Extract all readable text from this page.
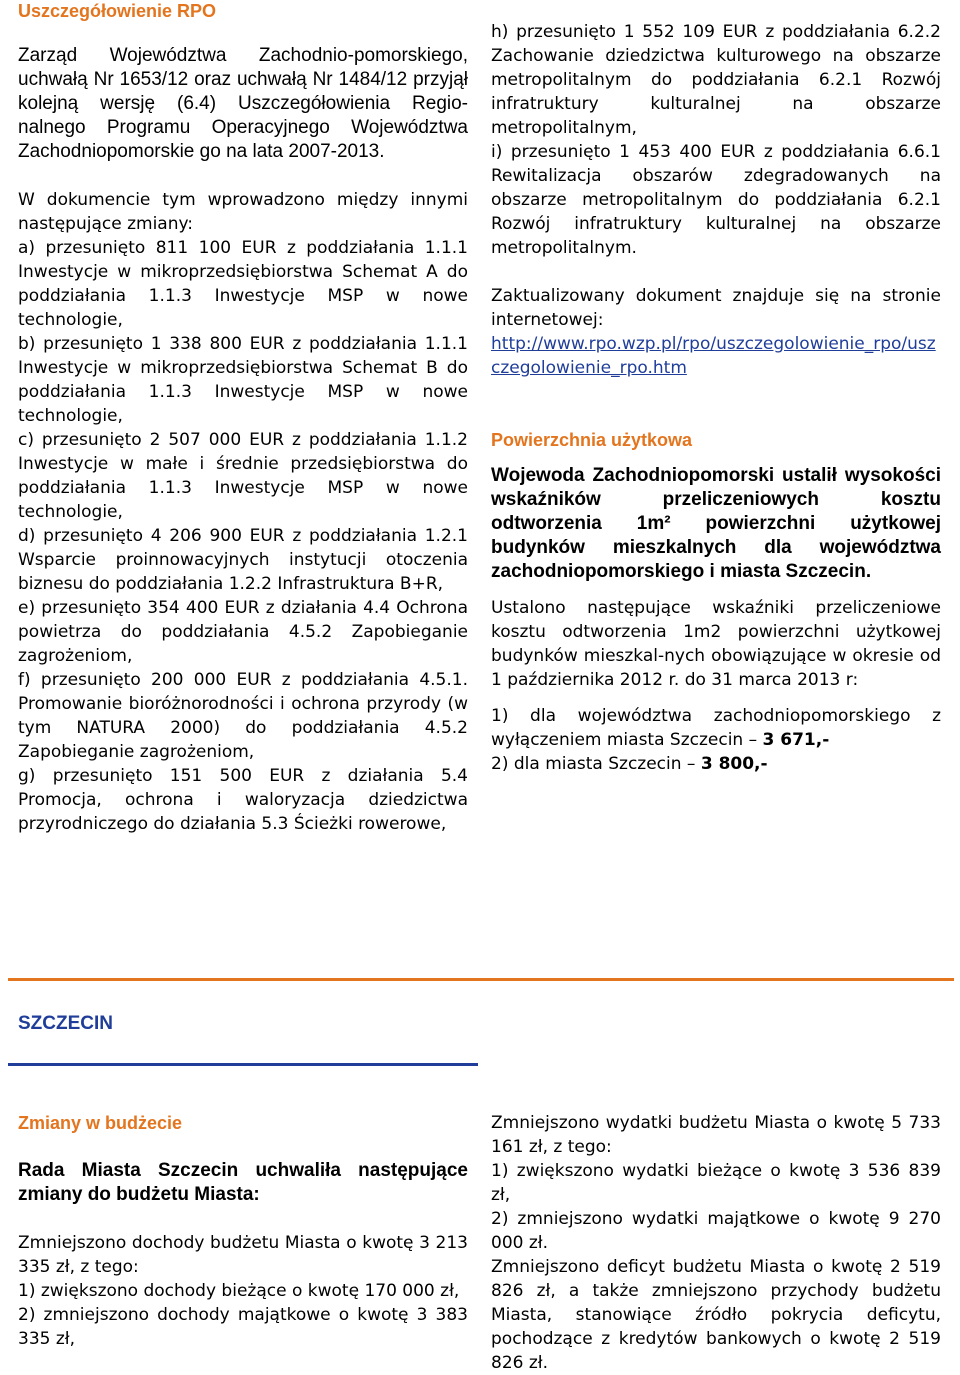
Uszczegółowienie RPO

Zarząd Województwa Zachodnio-pomorskiego, uchwałą Nr 1653/12 oraz uchwałą Nr 1484/12 przyjął kolejną wersję (6.4) Uszczegółowienia Regio-nalnego Programu Operacyjnego Województwa Zachodniopomorskie go na lata 2007-2013.

W dokumencie tym wprowadzono między innymi następujące zmiany:

a) przesunięto 811 100 EUR z poddziałania 1.1.1 Inwestycje w mikroprzedsiębiorstwa Schemat A do poddziałania 1.1.3 Inwestycje MSP w nowe technologie,

b) przesunięto 1 338 800 EUR z poddziałania 1.1.1 Inwestycje w mikroprzedsiębiorstwa Schemat B do poddziałania 1.1.3 Inwestycje MSP w nowe technologie,

c) przesunięto 2 507 000 EUR z poddziałania 1.1.2 Inwestycje w małe i średnie przedsiębiorstwa do poddziałania 1.1.3 Inwestycje MSP w nowe technologie,

d) przesunięto 4 206 900 EUR z poddziałania 1.2.1 Wsparcie proinnowacyjnych instytucji otoczenia biznesu do poddziałania 1.2.2 Infrastruktura B+R,

e) przesunięto 354 400 EUR z działania 4.4 Ochrona powietrza do poddziałania 4.5.2 Zapobieganie zagrożeniom,

f) przesunięto 200 000 EUR z poddziałania 4.5.1. Promowanie bioróżnorodności i ochrona przyrody (w tym NATURA 2000) do poddziałania 4.5.2 Zapobieganie zagrożeniom,

g) przesunięto 151 500 EUR z działania 5.4 Promocja, ochrona i waloryzacja dziedzictwa przyrodniczego do działania 5.3 Ścieżki rowerowe,

h) przesunięto 1 552 109 EUR z poddziałania 6.2.2 Zachowanie dziedzictwa kulturowego na obszarze metropolitalnym do poddziałania 6.2.1 Rozwój infratruktury kulturalnej na obszarze metropolitalnym,

i) przesunięto 1 453 400 EUR z poddziałania 6.6.1 Rewitalizacja obszarów zdegradowanych na obszarze metropolitalnym do poddziałania 6.2.1 Rozwój infratruktury kulturalnej na obszarze metropolitalnym.

Zaktualizowany dokument znajduje się na stronie internetowej:

http://www.rpo.wzp.pl/rpo/uszczegolowienie_rpo/uszczegolowienie_rpo.htm

Powierzchnia użytkowa

Wojewoda Zachodniopomorski ustalił wysokości wskaźników przeliczeniowych kosztu odtworzenia 1m² powierzchni użytkowej budynków mieszkalnych dla województwa zachodniopomorskiego i miasta Szczecin.

Ustalono następujące wskaźniki przeliczeniowe kosztu odtworzenia 1m2 powierzchni użytkowej budynków mieszkal-nych obowiązujące w okresie od 1 października 2012 r. do 31 marca 2013 r:

1) dla województwa zachodniopomorskiego z wyłączeniem miasta Szczecin – 3 671,-

2) dla miasta Szczecin – 3 800,-

SZCZECIN

Zmiany w budżecie

Rada Miasta Szczecin uchwaliła następujące zmiany do budżetu Miasta:

Zmniejszono dochody budżetu Miasta o kwotę 3 213 335 zł, z tego:

1) zwiększono dochody bieżące o kwotę 170 000 zł,

2) zmniejszono dochody majątkowe o kwotę 3 383 335 zł,

Zmniejszono wydatki budżetu Miasta o kwotę 5 733 161 zł, z tego:

1) zwiększono wydatki bieżące o kwotę 3 536 839 zł,

2) zmniejszono wydatki majątkowe o kwotę 9 270 000 zł.

Zmniejszono deficyt budżetu Miasta o kwotę 2 519 826 zł, a także zmniejszono przychody budżetu Miasta, stanowiące źródło pokrycia deficytu, pochodzące z kredytów bankowych o kwotę 2 519 826 zł.
